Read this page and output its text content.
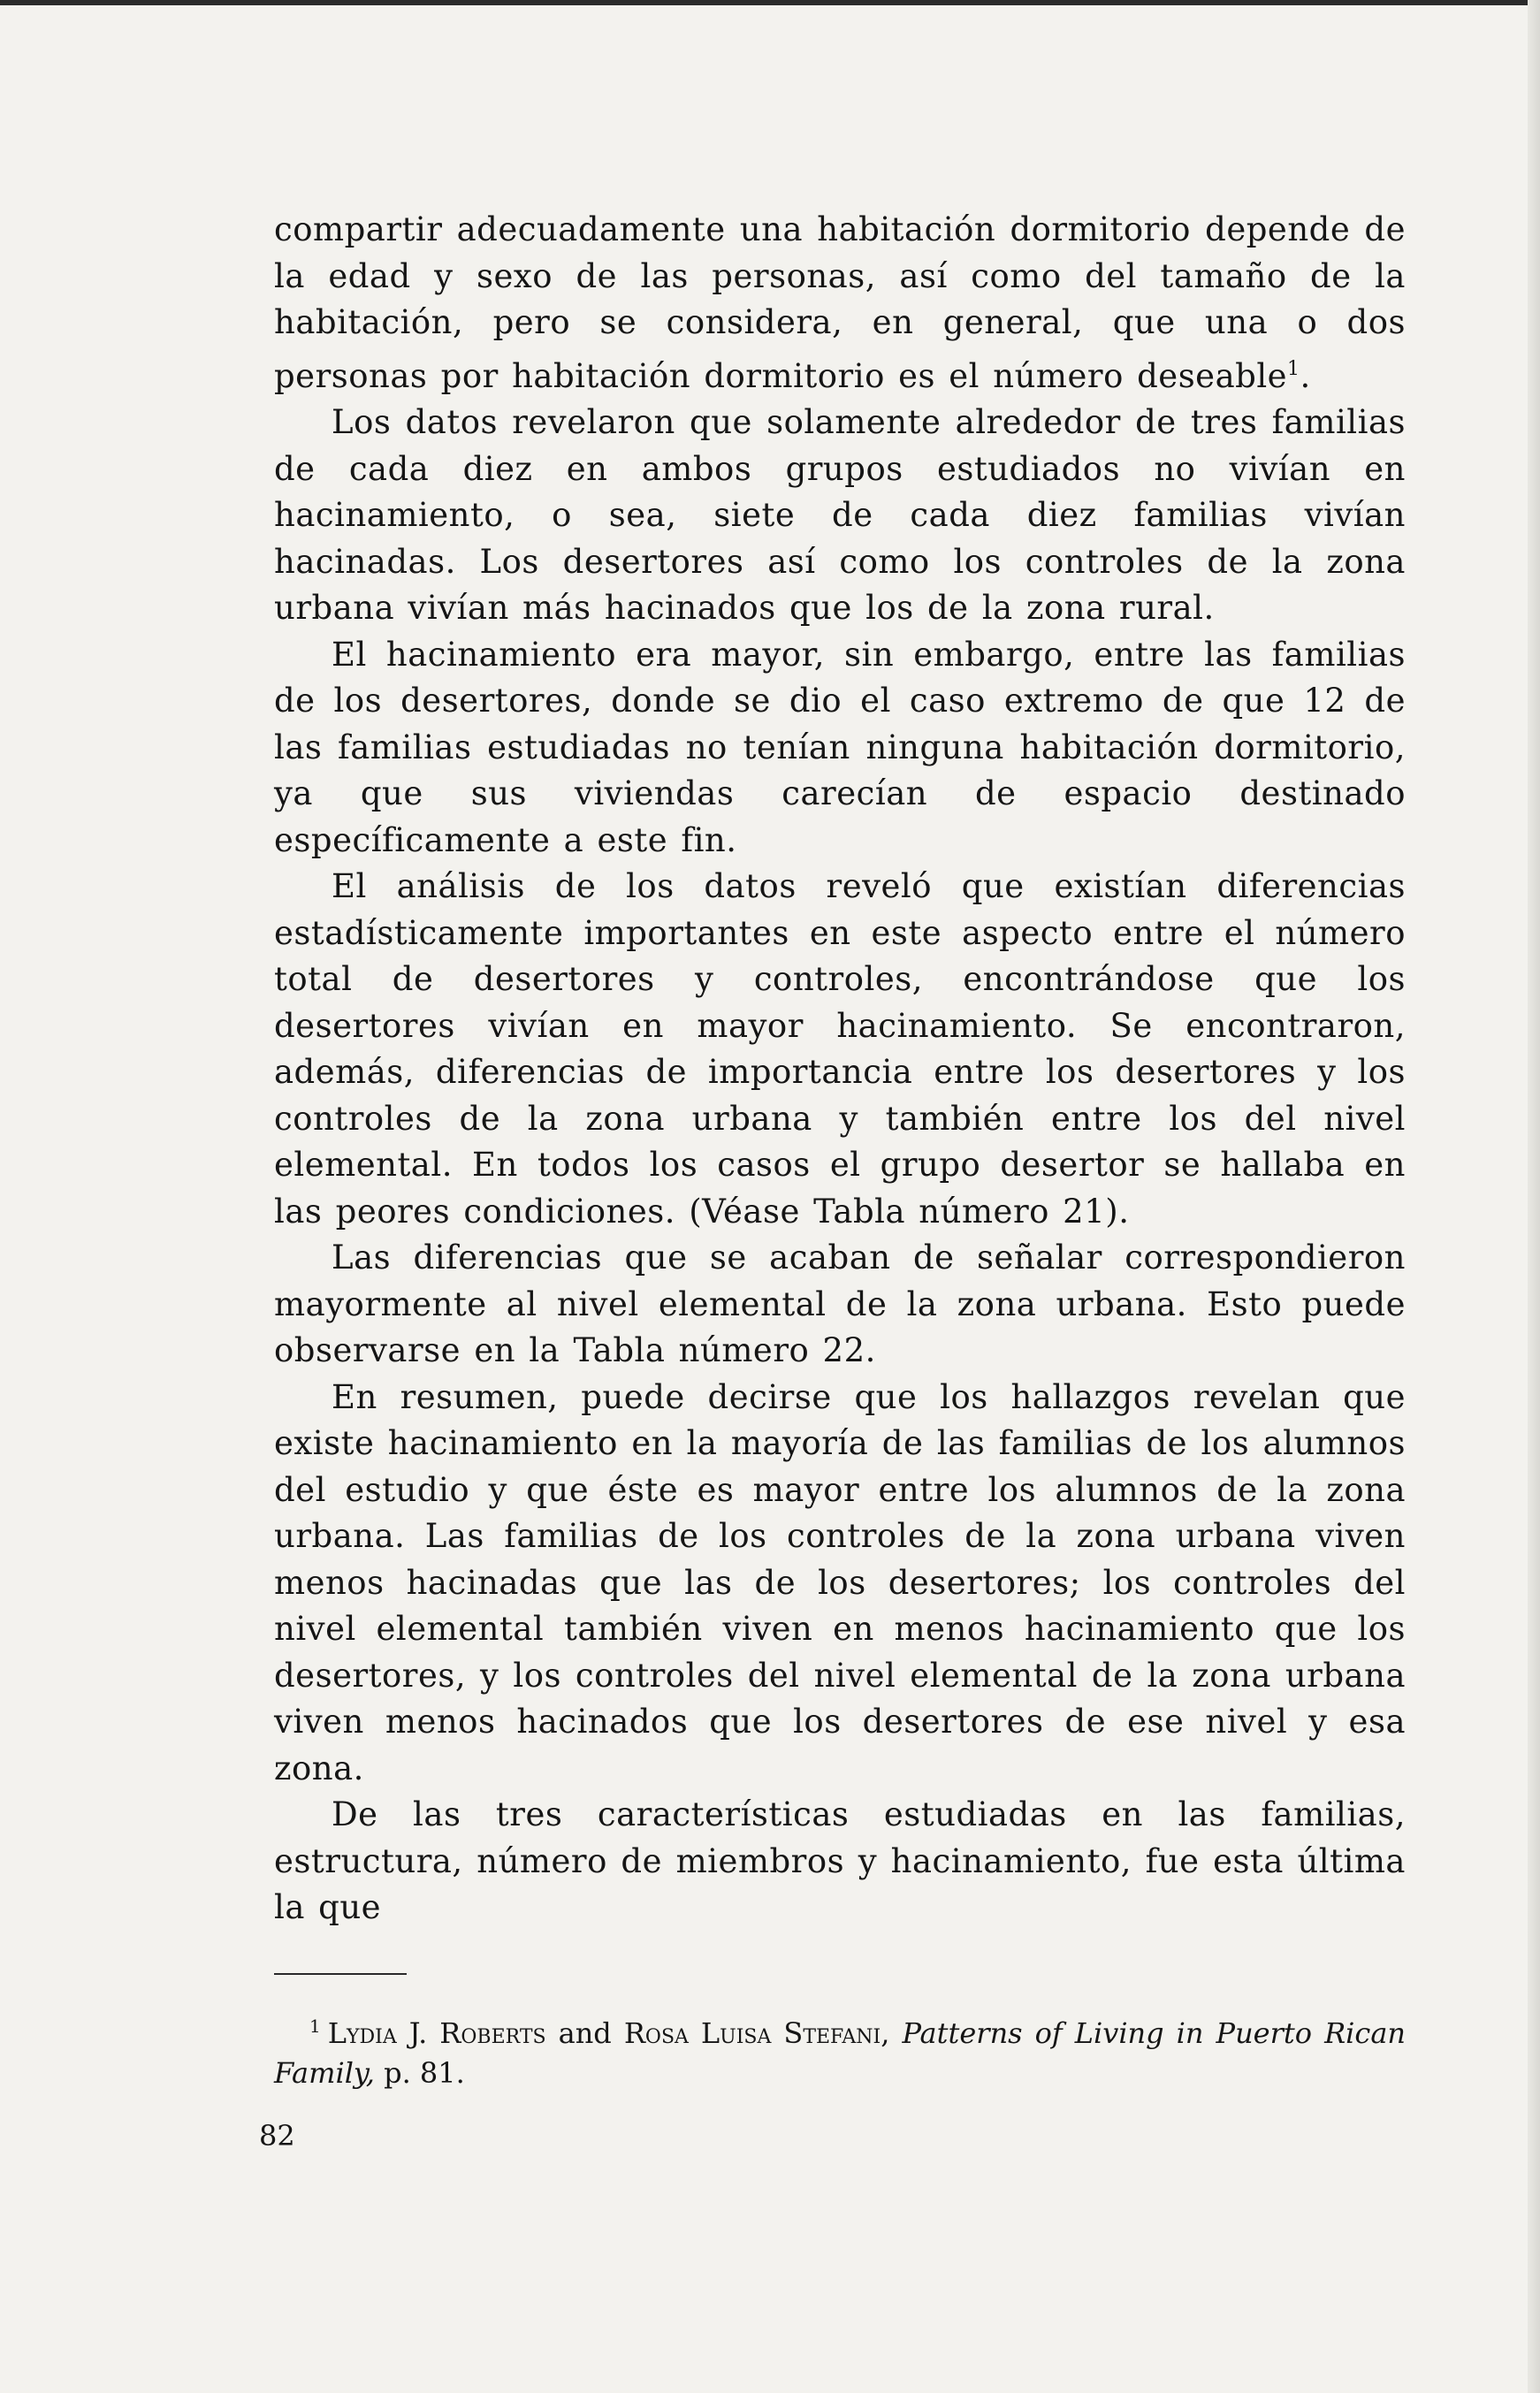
compartir adecuadamente una habitación dormitorio depende de la edad y sexo de las personas, así como del tamaño de la habitación, pero se considera, en general, que una o dos personas por habitación dormitorio es el número deseable$^1$.

Los datos revelaron que solamente alrededor de tres familias de cada diez en ambos grupos estudiados no vivían en hacinamiento, o sea, siete de cada diez familias vivían hacinadas. Los desertores así como los controles de la zona urbana vivían más hacinados que los de la zona rural.

El hacinamiento era mayor, sin embargo, entre las familias de los desertores, donde se dio el caso extremo de que 12 de las familias estudiadas no tenían ninguna habitación dormitorio, ya que sus viviendas carecían de espacio destinado específicamente a este fin.

El análisis de los datos reveló que existían diferencias estadísticamente importantes en este aspecto entre el número total de desertores y controles, encontrándose que los desertores vivían en mayor hacinamiento. Se encontraron, además, diferencias de importancia entre los desertores y los controles de la zona urbana y también entre los del nivel elemental. En todos los casos el grupo desertor se hallaba en las peores condiciones. (Véase Tabla número 21).

Las diferencias que se acaban de señalar correspondieron mayormente al nivel elemental de la zona urbana. Esto puede observarse en la Tabla número 22.

En resumen, puede decirse que los hallazgos revelan que existe hacinamiento en la mayoría de las familias de los alumnos del estudio y que éste es mayor entre los alumnos de la zona urbana. Las familias de los controles de la zona urbana viven menos hacinadas que las de los desertores; los controles del nivel elemental también viven en menos hacinamiento que los desertores, y los controles del nivel elemental de la zona urbana viven menos hacinados que los desertores de ese nivel y esa zona.

De las tres características estudiadas en las familias, estructura, número de miembros y hacinamiento, fue esta última la que

$^1$ Lydia J. Roberts and Rosa Luisa Stefani, Patterns of Living in Puerto Rican Family, p. 81.
82
